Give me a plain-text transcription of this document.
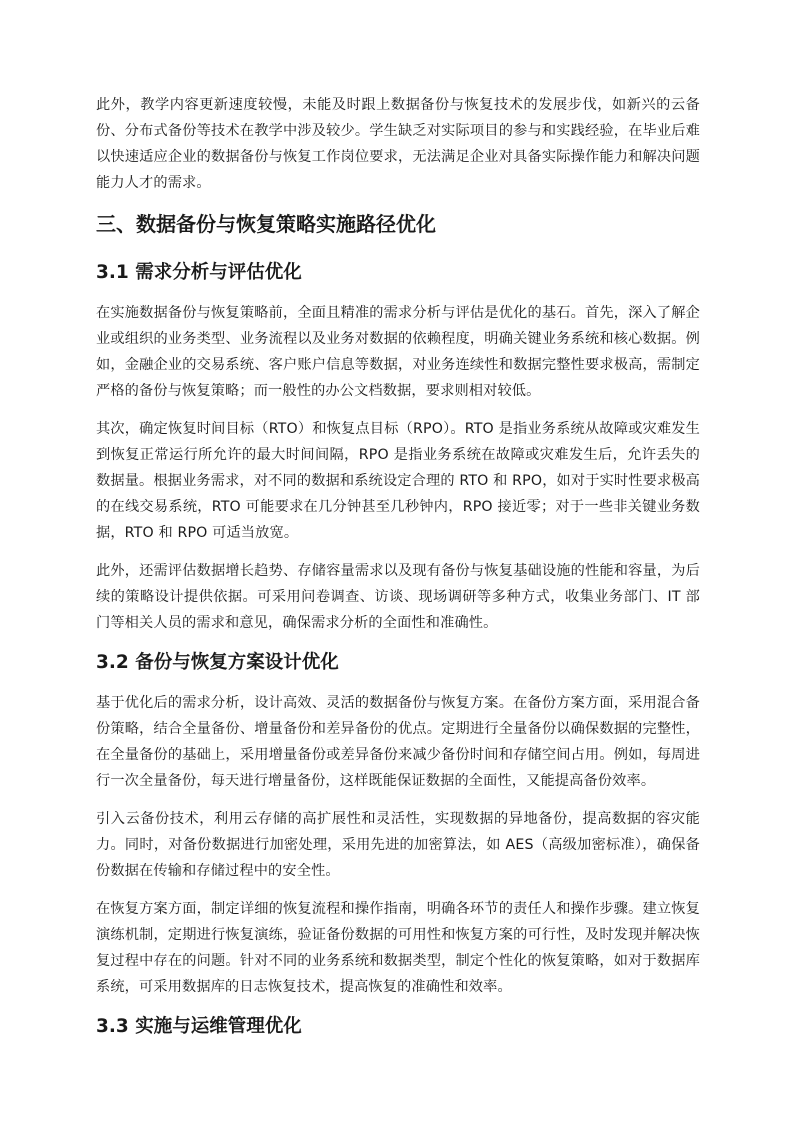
此外，教学内容更新速度较慢，未能及时跟上数据备份与恢复技术的发展步伐，如新兴的云备份、分布式备份等技术在教学中涉及较少。学生缺乏对实际项目的参与和实践经验，在毕业后难以快速适应企业的数据备份与恢复工作岗位要求，无法满足企业对具备实际操作能力和解决问题能力人才的需求。

三、数据备份与恢复策略实施路径优化
3.1 需求分析与评估优化

在实施数据备份与恢复策略前，全面且精准的需求分析与评估是优化的基石。首先，深入了解企业或组织的业务类型、业务流程以及业务对数据的依赖程度，明确关键业务系统和核心数据。例如，金融企业的交易系统、客户账户信息等数据，对业务连续性和数据完整性要求极高，需制定严格的备份与恢复策略；而一般性的办公文档数据，要求则相对较低。

其次，确定恢复时间目标（RTO）和恢复点目标（RPO）。RTO 是指业务系统从故障或灾难发生到恢复正常运行所允许的最大时间间隔，RPO 是指业务系统在故障或灾难发生后，允许丢失的数据量。根据业务需求，对不同的数据和系统设定合理的 RTO 和 RPO，如对于实时性要求极高的在线交易系统，RTO 可能要求在几分钟甚至几秒钟内，RPO 接近零；对于一些非关键业务数据，RTO 和 RPO 可适当放宽。

此外，还需评估数据增长趋势、存储容量需求以及现有备份与恢复基础设施的性能和容量，为后续的策略设计提供依据。可采用问卷调查、访谈、现场调研等多种方式，收集业务部门、IT 部门等相关人员的需求和意见，确保需求分析的全面性和准确性。

3.2 备份与恢复方案设计优化

基于优化后的需求分析，设计高效、灵活的数据备份与恢复方案。在备份方案方面，采用混合备份策略，结合全量备份、增量备份和差异备份的优点。定期进行全量备份以确保数据的完整性，在全量备份的基础上，采用增量备份或差异备份来减少备份时间和存储空间占用。例如，每周进行一次全量备份，每天进行增量备份，这样既能保证数据的全面性，又能提高备份效率。

引入云备份技术，利用云存储的高扩展性和灵活性，实现数据的异地备份，提高数据的容灾能力。同时，对备份数据进行加密处理，采用先进的加密算法，如 AES（高级加密标准），确保备份数据在传输和存储过程中的安全性。

在恢复方案方面，制定详细的恢复流程和操作指南，明确各环节的责任人和操作步骤。建立恢复演练机制，定期进行恢复演练，验证备份数据的可用性和恢复方案的可行性，及时发现并解决恢复过程中存在的问题。针对不同的业务系统和数据类型，制定个性化的恢复策略，如对于数据库系统，可采用数据库的日志恢复技术，提高恢复的准确性和效率。

3.3 实施与运维管理优化
